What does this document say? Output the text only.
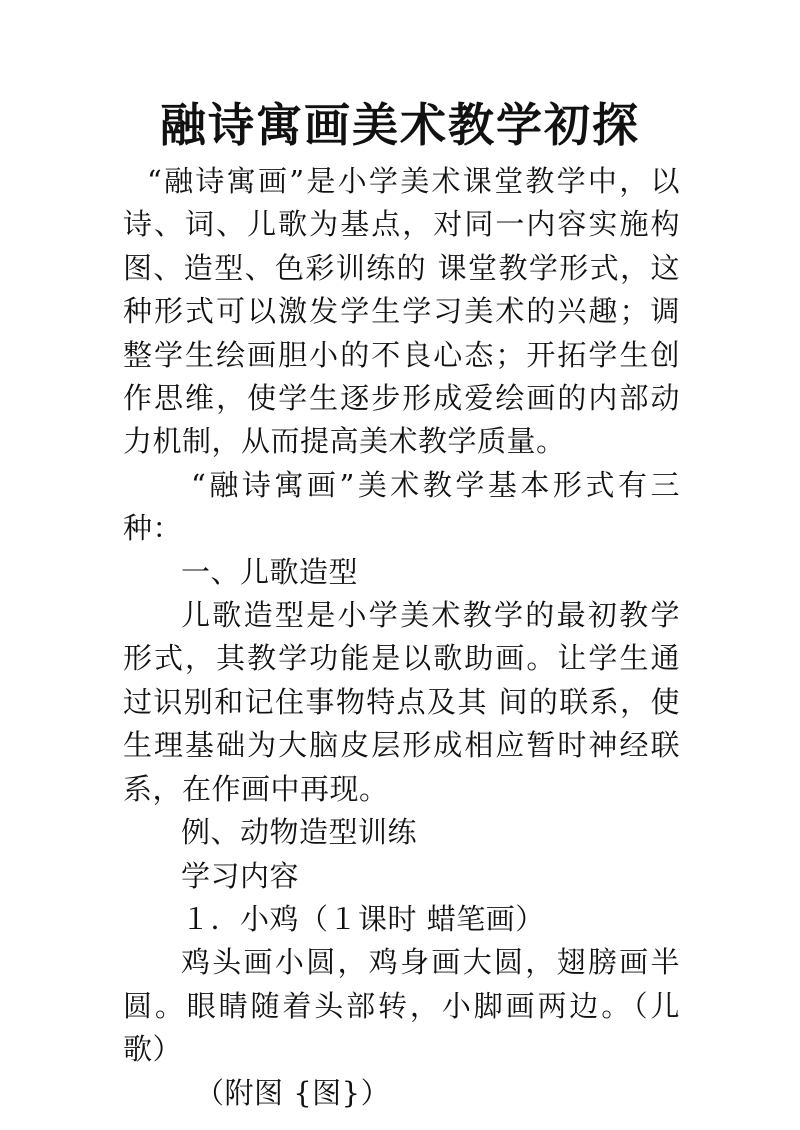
融诗寓画美术教学初探

“融诗寓画”是小学美术课堂教学中，以诗、词、儿歌为基点，对同一内容实施构图、造型、色彩训练的 课堂教学形式，这种形式可以激发学生学习美术的兴趣；调整学生绘画胆小的不良心态；开拓学生创作思维，使学生逐步形成爱绘画的内部动力机制，从而提高美术教学质量。

“融诗寓画”美术教学基本形式有三种：

一、儿歌造型

儿歌造型是小学美术教学的最初教学形式，其教学功能是以歌助画。让学生通过识别和记住事物特点及其 间的联系，使生理基础为大脑皮层形成相应暂时神经联系，在作画中再现。

例、动物造型训练

学习内容

１．小鸡（１课时 蜡笔画）

鸡头画小圆，鸡身画大圆，翅膀画半圆。眼睛随着头部转，小脚画两边。（儿歌）

（附图 {图}）
